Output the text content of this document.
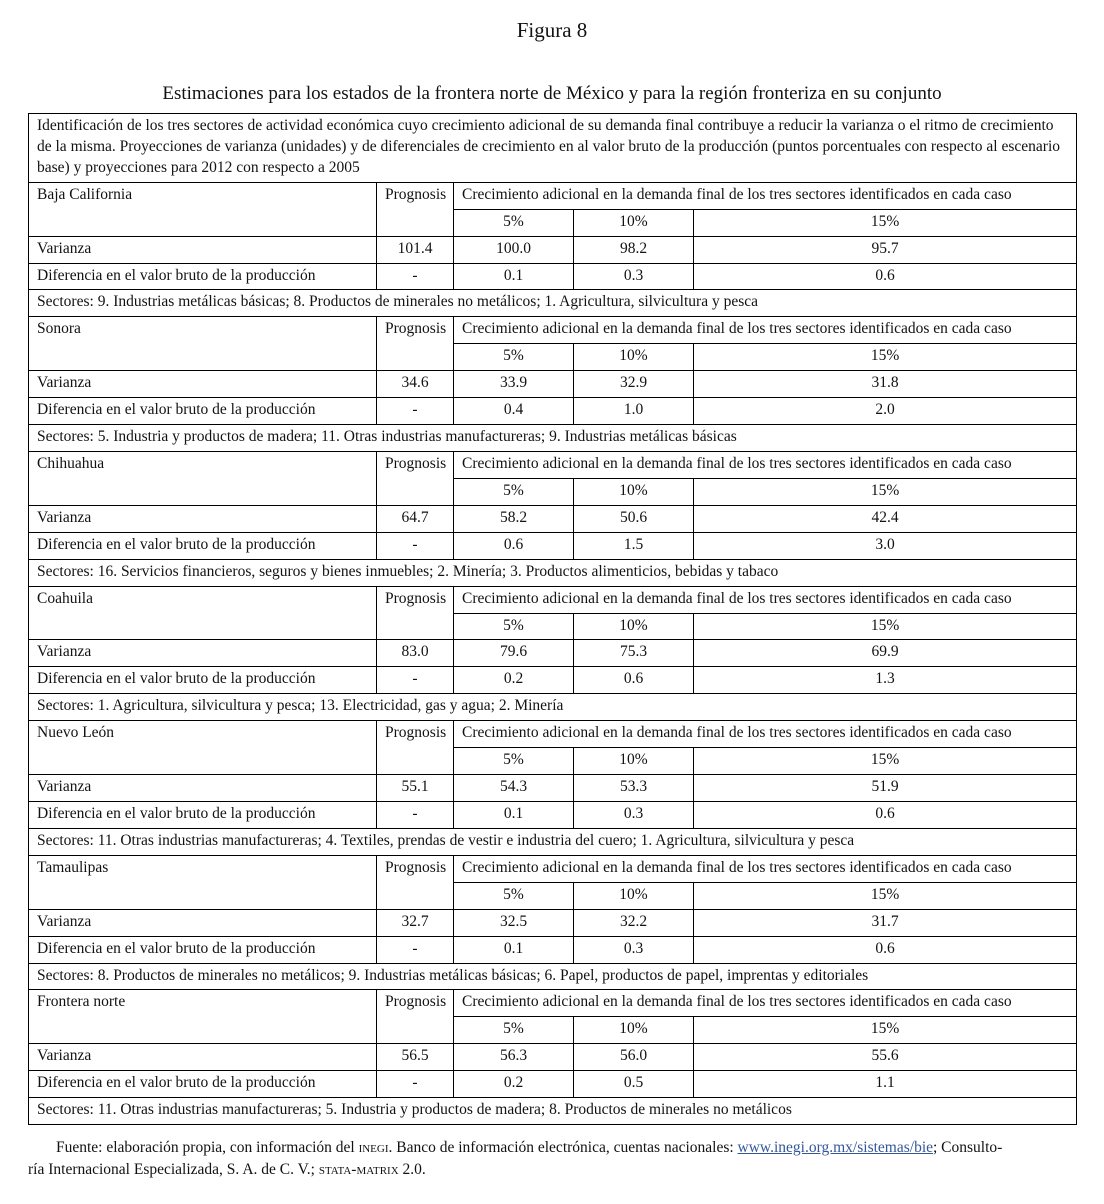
Figura 8
Estimaciones para los estados de la frontera norte de México y para la región fronteriza en su conjunto
Identificación de los tres sectores de actividad económica cuyo crecimiento adicional de su demanda final contribuye a reducir la varianza o el ritmo de crecimiento de la misma. Proyecciones de varianza (unidades) y de diferenciales de crecimiento en al valor bruto de la producción (puntos porcentuales con respecto al escenario base) y proyecciones para 2012 con respecto a 2005				
Baja California	Prognosis	Crecimiento adicional en la demanda final de los tres sectores identificados en cada caso		
		5%	10%	15%
Varianza	101.4	100.0	98.2	95.7
Diferencia en el valor bruto de la producción	-	0.1	0.3	0.6
Sectores: 9. Industrias metálicas básicas; 8. Productos de minerales no metálicos; 1. Agricultura, silvicultura y pesca				
Sonora	Prognosis	Crecimiento adicional en la demanda final de los tres sectores identificados en cada caso		
		5%	10%	15%
Varianza	34.6	33.9	32.9	31.8
Diferencia en el valor bruto de la producción	-	0.4	1.0	2.0
Sectores: 5. Industria y productos de madera; 11. Otras industrias manufactureras; 9. Industrias metálicas básicas				
Chihuahua	Prognosis	Crecimiento adicional en la demanda final de los tres sectores identificados en cada caso		
		5%	10%	15%
Varianza	64.7	58.2	50.6	42.4
Diferencia en el valor bruto de la producción	-	0.6	1.5	3.0
Sectores: 16. Servicios financieros, seguros y bienes inmuebles; 2. Minería; 3. Productos alimenticios, bebidas y tabaco				
Coahuila	Prognosis	Crecimiento adicional en la demanda final de los tres sectores identificados en cada caso		
		5%	10%	15%
Varianza	83.0	79.6	75.3	69.9
Diferencia en el valor bruto de la producción	-	0.2	0.6	1.3
Sectores: 1. Agricultura, silvicultura y pesca; 13. Electricidad, gas y agua; 2. Minería				
Nuevo León	Prognosis	Crecimiento adicional en la demanda final de los tres sectores identificados en cada caso		
		5%	10%	15%
Varianza	55.1	54.3	53.3	51.9
Diferencia en el valor bruto de la producción	-	0.1	0.3	0.6
Sectores: 11. Otras industrias manufactureras; 4. Textiles, prendas de vestir e industria del cuero; 1. Agricultura, silvicultura y pesca				
Tamaulipas	Prognosis	Crecimiento adicional en la demanda final de los tres sectores identificados en cada caso		
		5%	10%	15%
Varianza	32.7	32.5	32.2	31.7
Diferencia en el valor bruto de la producción	-	0.1	0.3	0.6
Sectores: 8. Productos de minerales no metálicos; 9. Industrias metálicas básicas; 6. Papel, productos de papel, imprentas y editoriales				
Frontera norte	Prognosis	Crecimiento adicional en la demanda final de los tres sectores identificados en cada caso		
		5%	10%	15%
Varianza	56.5	56.3	56.0	55.6
Diferencia en el valor bruto de la producción	-	0.2	0.5	1.1
Sectores: 11. Otras industrias manufactureras; 5. Industria y productos de madera; 8. Productos de minerales no metálicos				

Fuente: elaboración propia, con información del inegi. Banco de información electrónica, cuentas nacionales: www.inegi.org.mx/sistemas/bie; Consulto-
ría Internacional Especializada, S. A. de C. V.; stata-matrix 2.0.
